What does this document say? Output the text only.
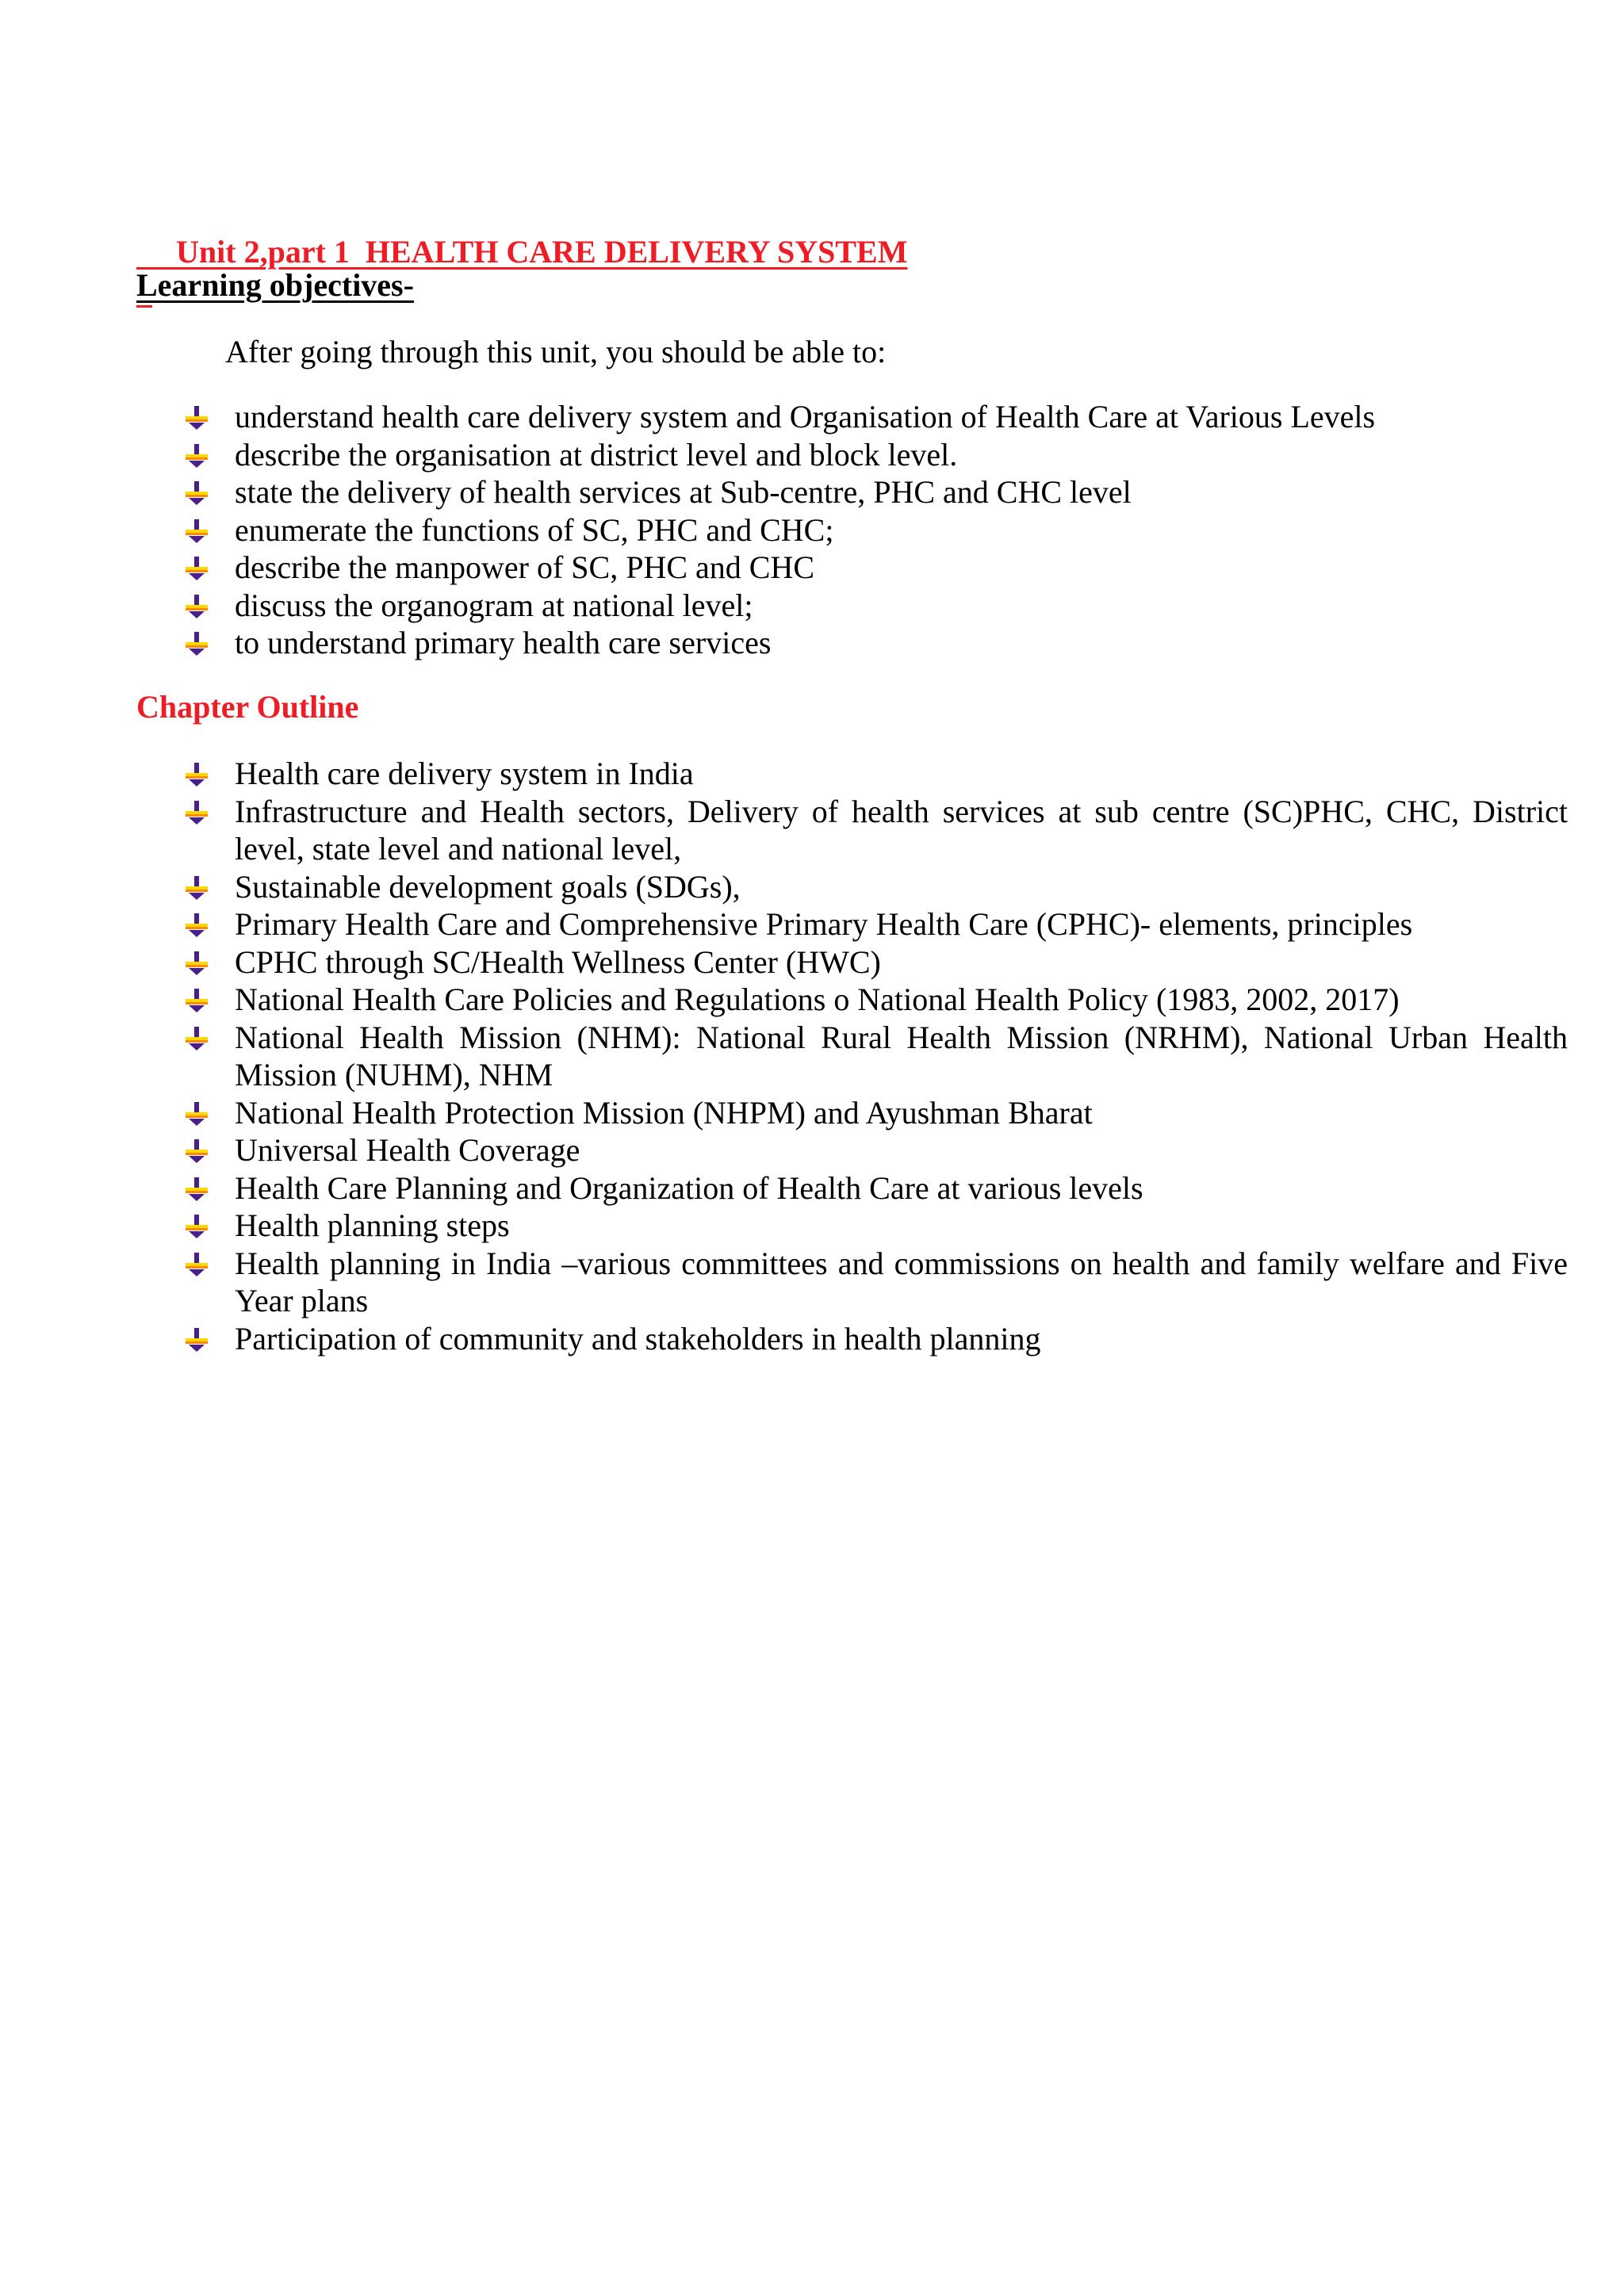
Unit 2,part 1  HEALTH CARE DELIVERY SYSTEM

Learning objectives-
After going through this unit, you should be able to:
understand health care delivery system and Organisation of Health Care at Various Levels
describe the organisation at district level and block level.
state the delivery of health services at Sub-centre, PHC and CHC level
enumerate the functions of SC, PHC and CHC;
describe the manpower of SC, PHC and CHC
discuss the organogram at national level;
to understand primary health care services
Chapter Outline
Health care delivery system in India
Infrastructure and Health sectors, Delivery of health services at sub centre (SC)PHC, CHC, District level, state level and national level,
Sustainable development goals (SDGs),
Primary Health Care and Comprehensive Primary Health Care (CPHC)- elements, principles
CPHC through SC/Health Wellness Center (HWC)
National Health Care Policies and Regulations o National Health Policy (1983, 2002, 2017)
National Health Mission (NHM): National Rural Health Mission (NRHM), National Urban Health Mission (NUHM), NHM
National Health Protection Mission (NHPM) and Ayushman Bharat
Universal Health Coverage
Health Care Planning and Organization of Health Care at various levels
Health planning steps
Health planning in India –various committees and commissions on health and family welfare and Five Year plans
Participation of community and stakeholders in health planning
